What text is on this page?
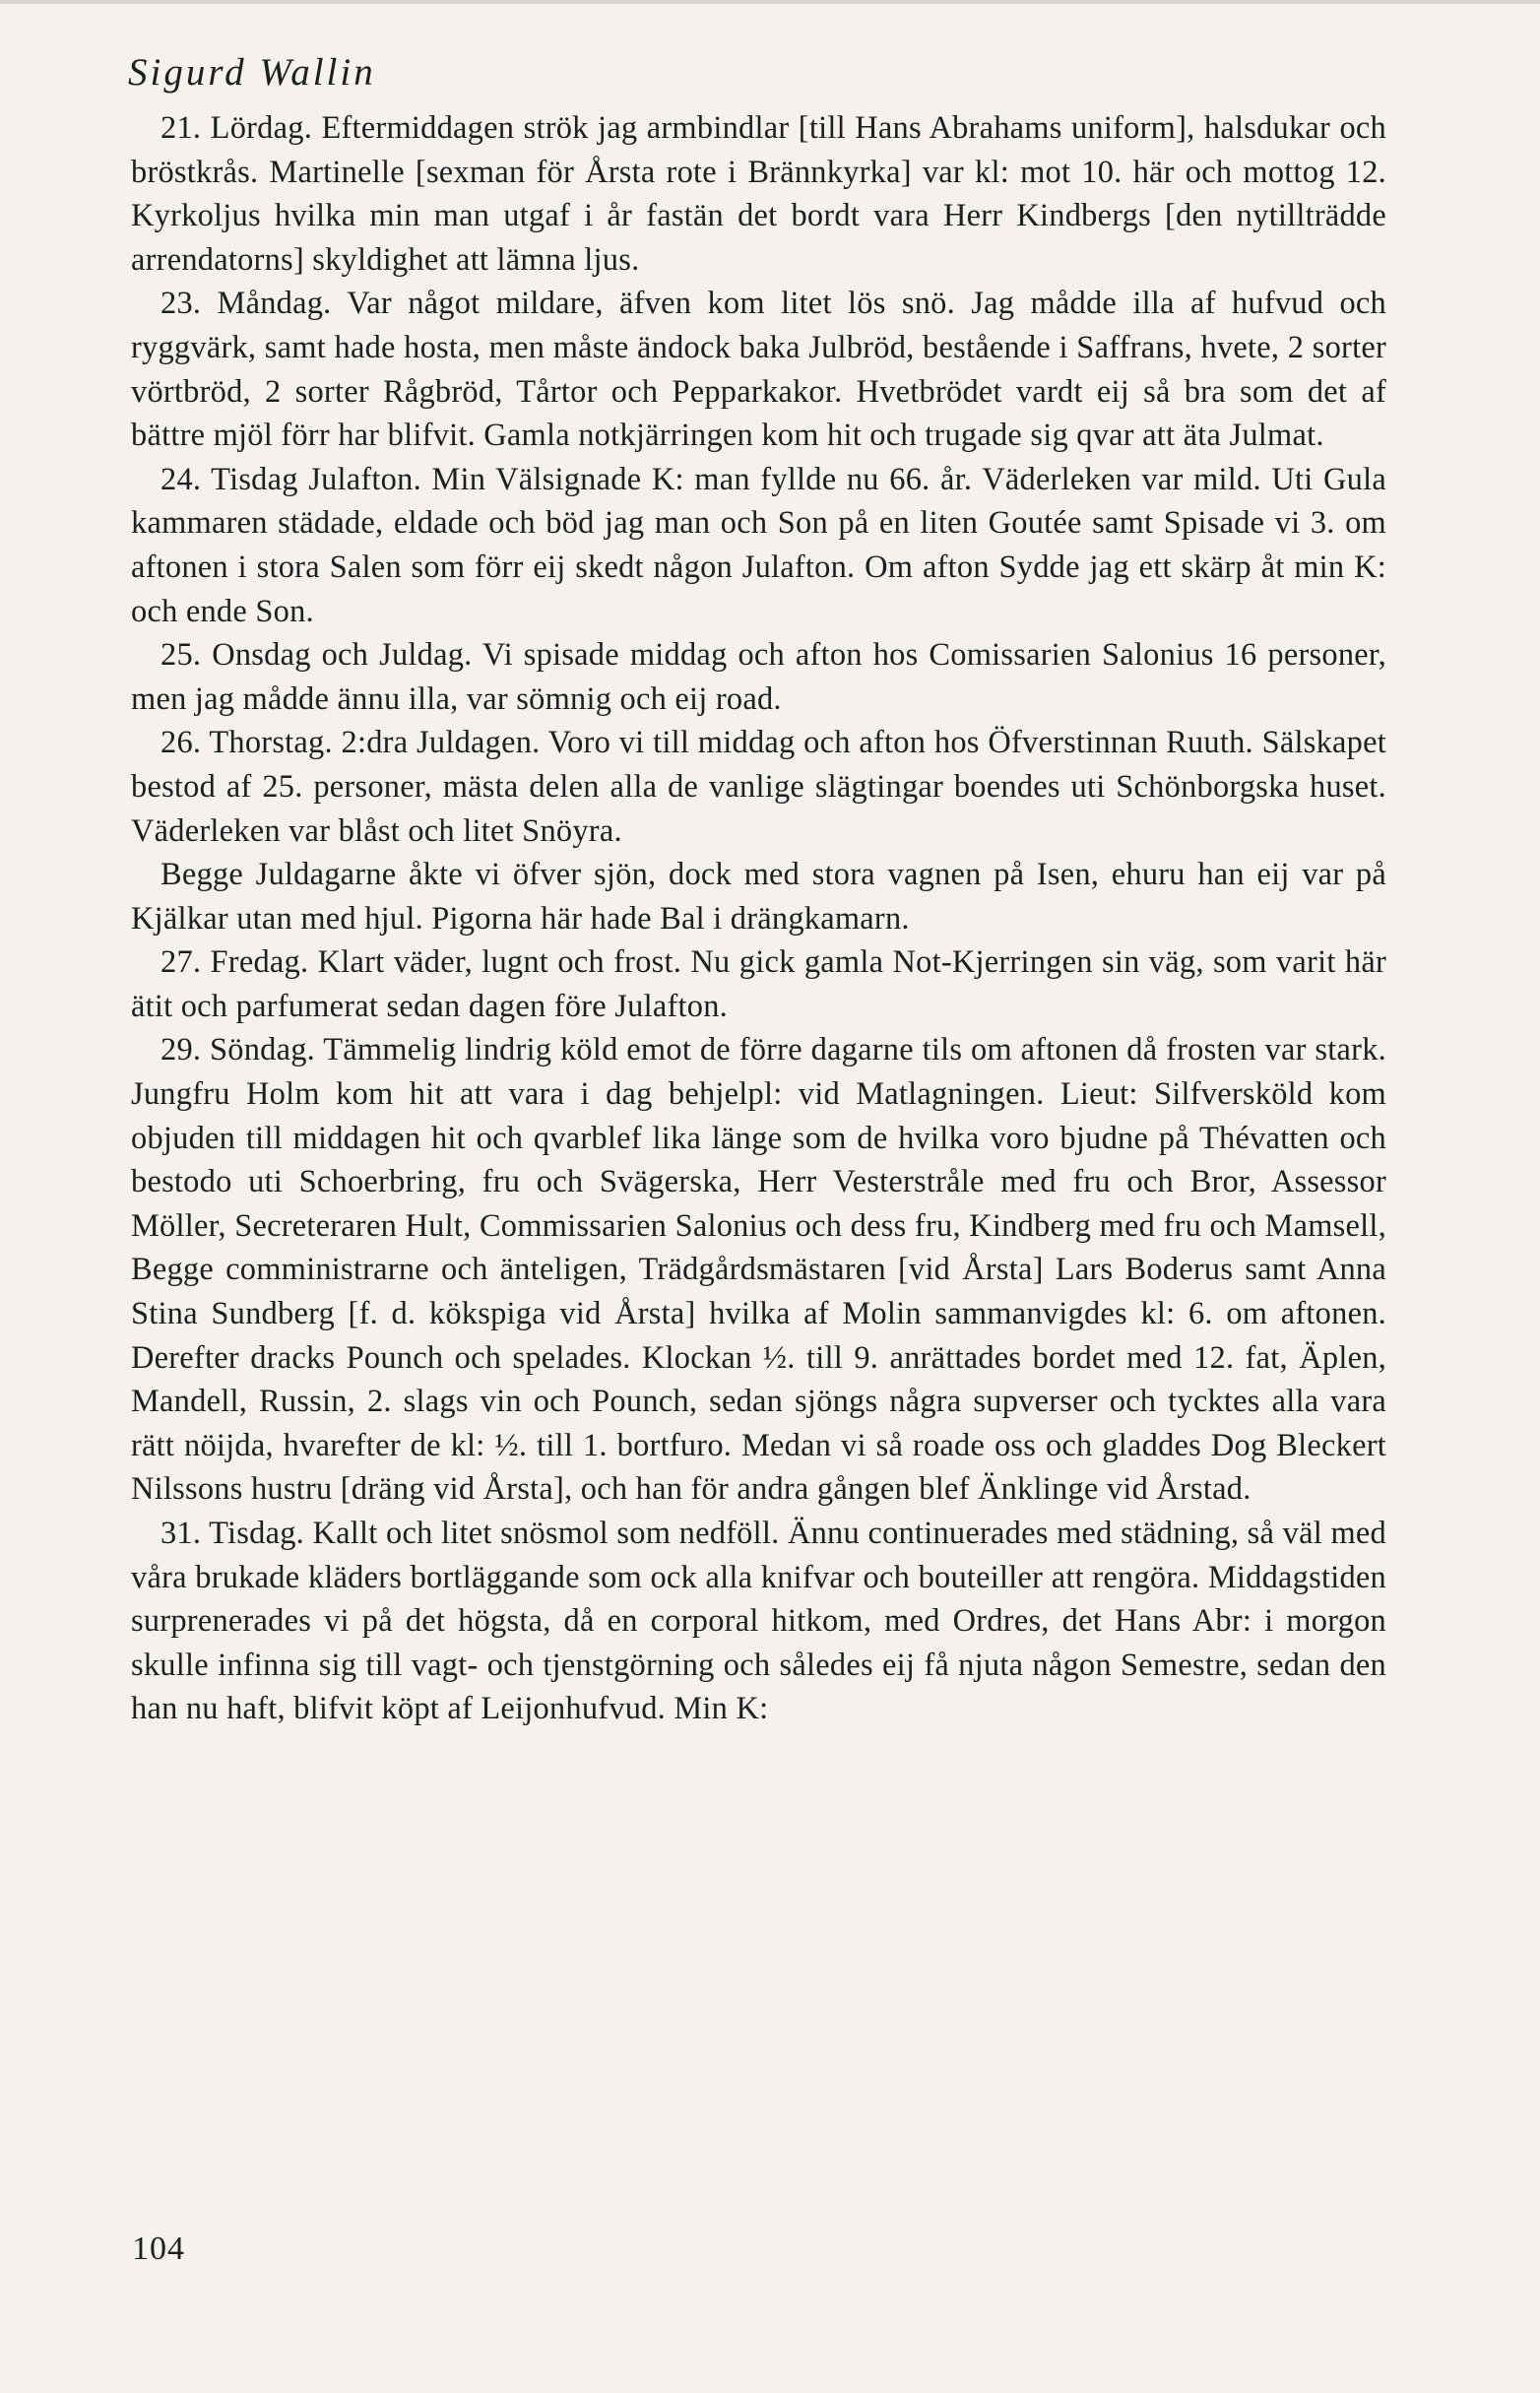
Sigurd Wallin

21. Lördag. Eftermiddagen strök jag armbindlar [till Hans Abrahams uniform], halsdukar och bröstkrås. Martinelle [sexman för Årsta rote i Brännkyrka] var kl: mot 10. här och mottog 12. Kyrkoljus hvilka min man utgaf i år fastän det bordt vara Herr Kindbergs [den nytillträdde arrendatorns] skyldighet att lämna ljus.

23. Måndag. Var något mildare, äfven kom litet lös snö. Jag mådde illa af hufvud och ryggvärk, samt hade hosta, men måste ändock baka Julbröd, bestående i Saffrans, hvete, 2 sorter vörtbröd, 2 sorter Rågbröd, Tårtor och Pepparkakor. Hvetbrödet vardt eij så bra som det af bättre mjöl förr har blifvit. Gamla notkjärringen kom hit och trugade sig qvar att äta Julmat.

24. Tisdag Julafton. Min Välsignade K: man fyllde nu 66. år. Väderleken var mild. Uti Gula kammaren städade, eldade och böd jag man och Son på en liten Goutée samt Spisade vi 3. om aftonen i stora Salen som förr eij skedt någon Julafton. Om afton Sydde jag ett skärp åt min K: och ende Son.

25. Onsdag och Juldag. Vi spisade middag och afton hos Comissarien Salonius 16 personer, men jag mådde ännu illa, var sömnig och eij road.

26. Thorstag. 2:dra Juldagen. Voro vi till middag och afton hos Öfverstinnan Ruuth. Sälskapet bestod af 25. personer, mästa delen alla de vanlige slägtingar boendes uti Schönborgska huset. Väderleken var blåst och litet Snöyra.

Begge Juldagarne åkte vi öfver sjön, dock med stora vagnen på Isen, ehuru han eij var på Kjälkar utan med hjul. Pigorna här hade Bal i drängkamarn.

27. Fredag. Klart väder, lugnt och frost. Nu gick gamla Not-Kjerringen sin väg, som varit här ätit och parfumerat sedan dagen före Julafton.

29. Söndag. Tämmelig lindrig köld emot de förre dagarne tils om aftonen då frosten var stark. Jungfru Holm kom hit att vara i dag behjelpl: vid Matlagningen. Lieut: Silfversköld kom objuden till middagen hit och qvarblef lika länge som de hvilka voro bjudne på Thévatten och bestodo uti Schoerbring, fru och Svägerska, Herr Vesterstråle med fru och Bror, Assessor Möller, Secreteraren Hult, Commissarien Salonius och dess fru, Kindberg med fru och Mamsell, Begge comministrarne och änteligen, Trädgårdsmästaren [vid Årsta] Lars Boderus samt Anna Stina Sundberg [f. d. kökspiga vid Årsta] hvilka af Molin sammanvigdes kl: 6. om aftonen. Derefter dracks Pounch och spelades. Klockan ½. till 9. anrättades bordet med 12. fat, Äplen, Mandell, Russin, 2. slags vin och Pounch, sedan sjöngs några supverser och tycktes alla vara rätt nöijda, hvarefter de kl: ½. till 1. bortfuro. Medan vi så roade oss och gladdes Dog Bleckert Nilssons hustru [dräng vid Årsta], och han för andra gången blef Änklinge vid Årstad.

31. Tisdag. Kallt och litet snösmol som nedföll. Ännu continuerades med städning, så väl med våra brukade kläders bortläggande som ock alla knifvar och bouteiller att rengöra. Middagstiden surprenerades vi på det högsta, då en corporal hitkom, med Ordres, det Hans Abr: i morgon skulle infinna sig till vagt- och tjenstgörning och således eij få njuta någon Semestre, sedan den han nu haft, blifvit köpt af Leijonhufvud. Min K:

104
